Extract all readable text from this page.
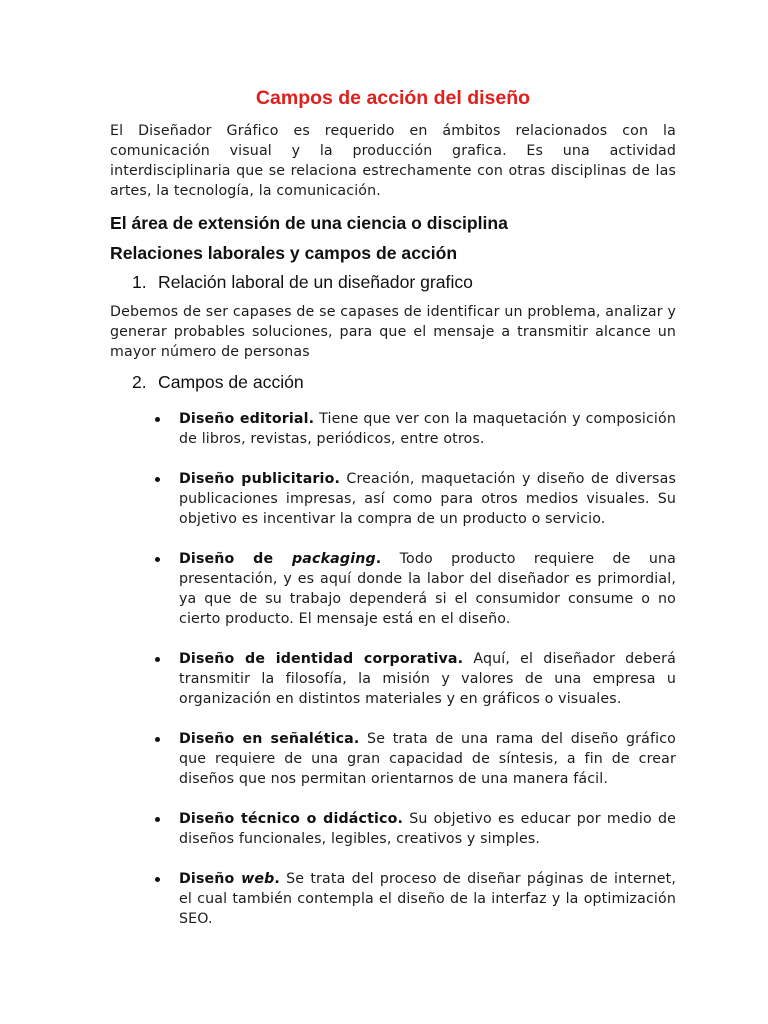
Campos de acción del diseño

El Diseñador Gráfico es requerido en ámbitos relacionados con la comunicación visual y la producción grafica. Es una actividad interdisciplinaria que se relaciona estrechamente con otras disciplinas de las artes, la tecnología, la comunicación.

El área de extensión de una ciencia o disciplina
Relaciones laborales y campos de acción
1. Relación laboral de un diseñador grafico

Debemos de ser capases de se capases de identificar un problema, analizar y generar probables soluciones, para que el mensaje a transmitir alcance un mayor número de personas

2. Campos de acción
Diseño editorial. Tiene que ver con la maquetación y composición de libros, revistas, periódicos, entre otros.
Diseño publicitario. Creación, maquetación y diseño de diversas publicaciones impresas, así como para otros medios visuales. Su objetivo es incentivar la compra de un producto o servicio.
Diseño de packaging. Todo producto requiere de una presentación, y es aquí donde la labor del diseñador es primordial, ya que de su trabajo dependerá si el consumidor consume o no cierto producto. El mensaje está en el diseño.
Diseño de identidad corporativa. Aquí, el diseñador deberá transmitir la filosofía, la misión y valores de una empresa u organización en distintos materiales y en gráficos o visuales.
Diseño en señalética. Se trata de una rama del diseño gráfico que requiere de una gran capacidad de síntesis, a fin de crear diseños que nos permitan orientarnos de una manera fácil.
Diseño técnico o didáctico. Su objetivo es educar por medio de diseños funcionales, legibles, creativos y simples.
Diseño web. Se trata del proceso de diseñar páginas de internet, el cual también contempla el diseño de la interfaz y la optimización SEO.
